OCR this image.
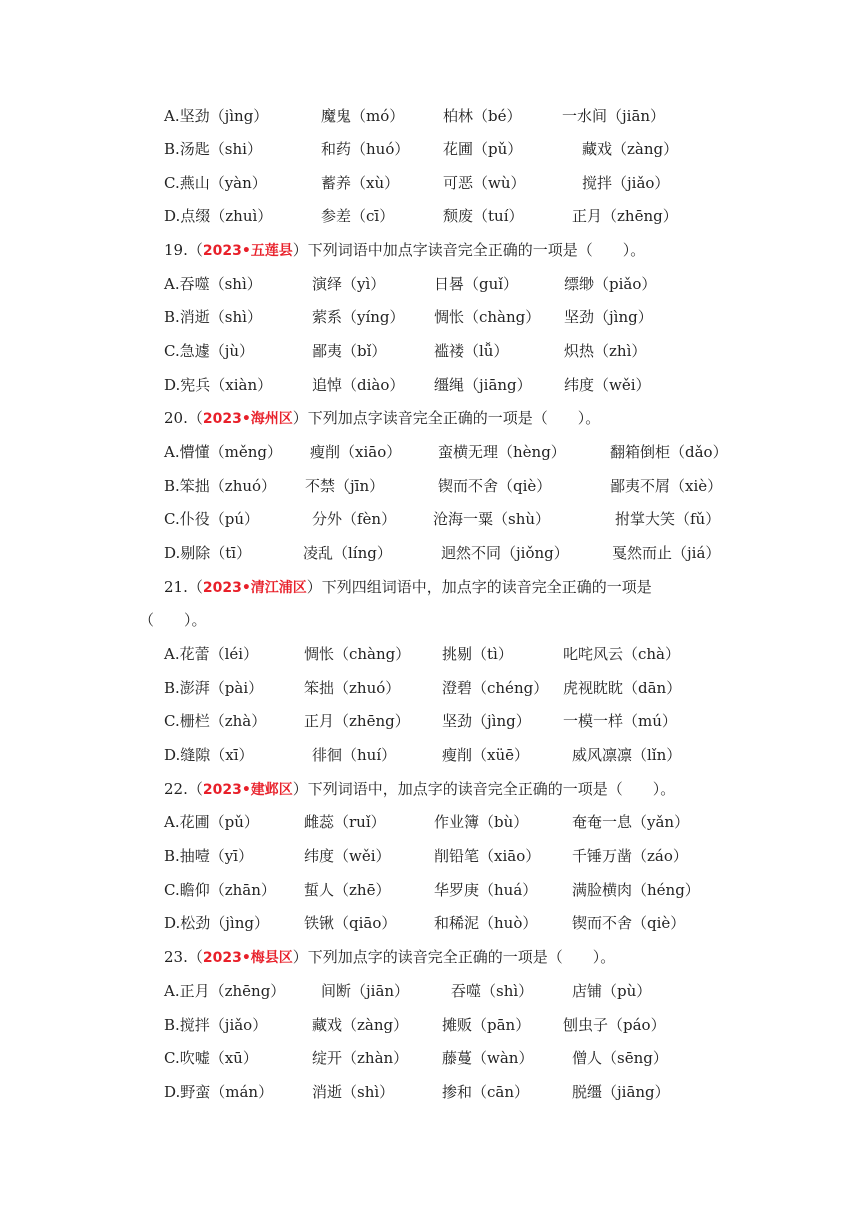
A.坚劲（jìng）	魔鬼（mó）	柏林（bé）	一水间（jiān）
B.汤匙（shi）	和药（huó） 花圃（pǔ）	藏戏（zàng）
C.燕山（yàn）	蓄养（xù）	可恶（wù）	搅拌（jiǎo）
D.点缀（zhuì）	参差（cī）	颓废（tuí）	正月（zhēng）
19.（2023•五莲县）下列词语中加点字读音完全正确的一项是（　　）。
A.吞噬（shì）	演绎（yì）	日晷（guǐ）	缥缈（piǎo）
B.消逝（shì）	萦系（yíng） 惆怅（chàng） 坚劲（jìng）
C.急遽（jù）	鄙夷（bǐ）	褴褛（lǚ）	炽热（zhì）
D.宪兵（xiàn）	追悼（diào） 缰绳（jiāng） 纬度（wěi）
20.（2023•海州区）下列加点字读音完全正确的一项是（　　）。
A.懵懂（měng） 瘦削（xiāo） 蛮横无理（hèng）	翻箱倒柜（dǎo）
B.笨拙（zhuó） 不禁（jīn）	锲而不舍（qiè）	鄙夷不屑（xiè）
C.仆役（pú）	分外（fèn） 沧海一粟（shù）	拊掌大笑（fǔ）
D.剔除（tī）	凌乱（líng）	迥然不同（jiǒng）	戛然而止（jiá）
21.（2023•清江浦区）下列四组词语中，加点字的读音完全正确的一项是
（　　）。
A.花蕾（léi）	惆怅（chàng） 挑剔（tì）	叱咤风云（chà）
B.澎湃（pài）	笨拙（zhuó）	澄碧（chéng） 虎视眈眈（dān）
C.栅栏（zhà）	正月（zhēng） 坚劲（jìng） 一模一样（mú）
D.缝隙（xī）	徘徊（huí）	瘦削（xüē）	威风凛凛（lǐn）
22.（2023•建邺区）下列词语中，加点字的读音完全正确的一项是（　　）。
A.花圃（pǔ）	雌蕊（ruǐ）	作业簿（bù）	奄奄一息（yǎn）
B.抽噎（yī）	纬度（wěi）	削铅笔（xiāo） 千锤万凿（záo）
C.瞻仰（zhān） 蜇人（zhē）	华罗庚（huá） 满脸横肉（héng）
D.松劲（jìng） 铁锹（qiāo）	和稀泥（huò） 锲而不舍（qiè）
23.（2023•梅县区）下列加点字的读音完全正确的一项是（　　）。
A.正月（zhēng） 间断（jiān）	吞噬（shì）	店铺（pù）
B.搅拌（jiǎo）	藏戏（zàng） 摊贩（pān） 刨虫子（páo）
C.吹嘘（xū）	绽开（zhàn） 藤蔓（wàn）	僧人（sēng）
D.野蛮（mán）	消逝（shì）	掺和（cān）	脱缰（jiāng）
